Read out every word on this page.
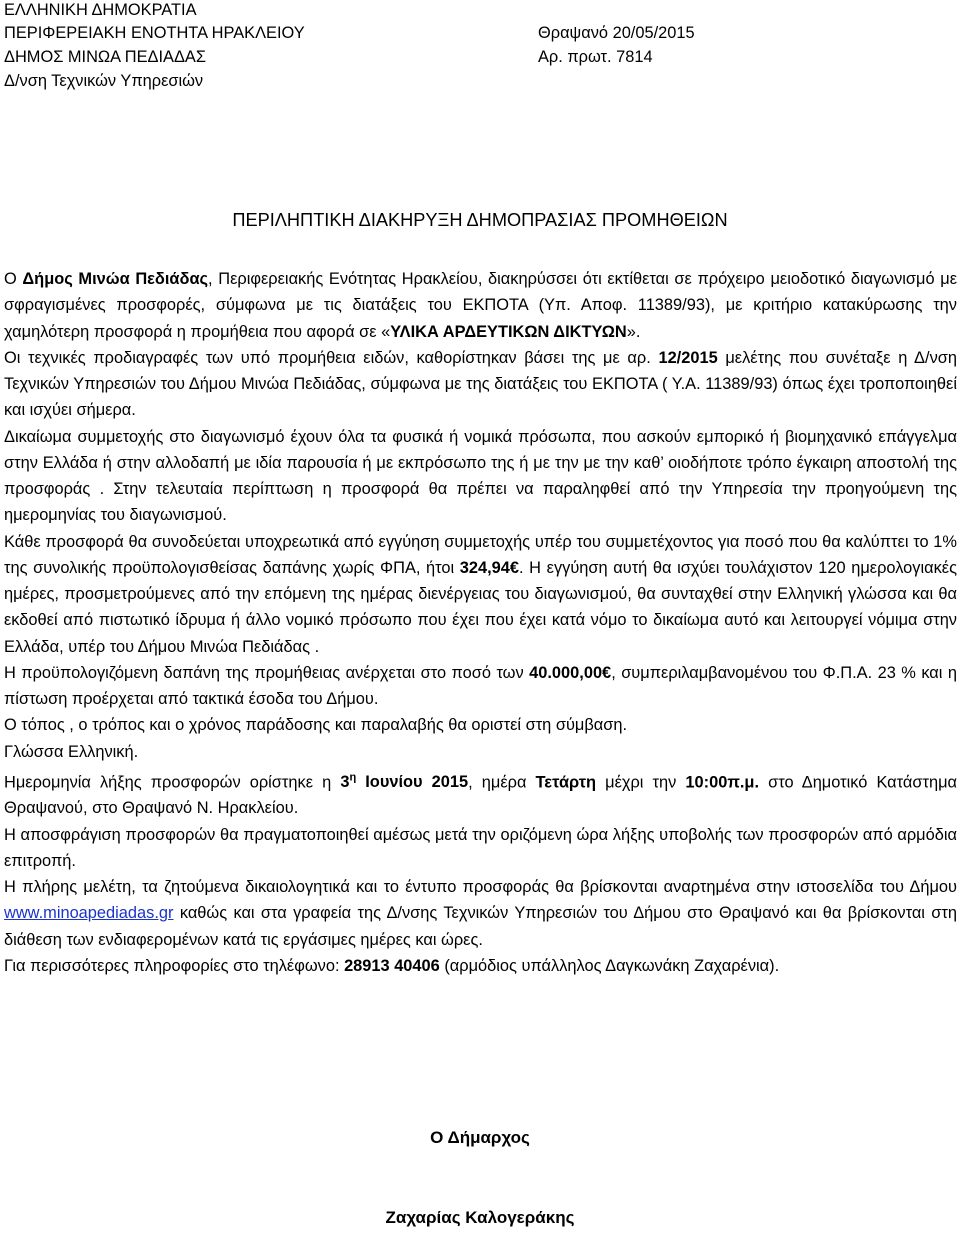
ΕΛΛΗΝΙΚΗ ΔΗΜΟΚΡΑΤΙΑ
ΠΕΡΙΦΕΡΕΙΑΚΗ ΕΝΟΤΗΤΑ ΗΡΑΚΛΕΙΟΥ
ΔΗΜΟΣ ΜΙΝΩΑ ΠΕΔΙΑΔΑΣ
Δ/νση Τεχνικών Υπηρεσιών
Θραψανό 20/05/2015
Αρ. πρωτ. 7814
ΠΕΡΙΛΗΠΤΙΚΗ ΔΙΑΚΗΡΥΞΗ ΔΗΜΟΠΡΑΣΙΑΣ ΠΡΟΜΗΘΕΙΩΝ

Ο Δήμος Μινώα Πεδιάδας, Περιφερειακής Ενότητας Ηρακλείου, διακηρύσσει ότι εκτίθεται σε πρόχειρο μειοδοτικό διαγωνισμό με σφραγισμένες προσφορές, σύμφωνα με τις διατάξεις του ΕΚΠΟΤΑ (Υπ. Αποφ. 11389/93), με κριτήριο κατακύρωσης την χαμηλότερη προσφορά η προμήθεια που αφορά σε «ΥΛΙΚΑ ΑΡΔΕΥΤΙΚΩΝ ΔΙΚΤΥΩΝ».

Οι τεχνικές προδιαγραφές των υπό προμήθεια ειδών, καθορίστηκαν βάσει της με αρ. 12/2015 μελέτης που συνέταξε η Δ/νση Τεχνικών Υπηρεσιών του Δήμου Μινώα Πεδιάδας, σύμφωνα με της διατάξεις του ΕΚΠΟΤΑ ( Υ.Α. 11389/93) όπως έχει τροποποιηθεί και ισχύει σήμερα.

Δικαίωμα συμμετοχής στο διαγωνισμό έχουν όλα τα φυσικά ή νομικά πρόσωπα, που ασκούν εμπορικό ή βιομηχανικό επάγγελμα στην Ελλάδα ή στην αλλοδαπή με ιδία παρουσία ή με εκπρόσωπο της ή με την με την καθ’ οιοδήποτε τρόπο έγκαιρη αποστολή της προσφοράς . Στην τελευταία περίπτωση η προσφορά θα πρέπει να παραληφθεί από την Υπηρεσία την προηγούμενη της ημερομηνίας του διαγωνισμού.

Κάθε προσφορά θα συνοδεύεται υποχρεωτικά από εγγύηση συμμετοχής υπέρ του συμμετέχοντος για ποσό που θα καλύπτει το 1% της συνολικής προϋπολογισθείσας δαπάνης χωρίς ΦΠΑ, ήτοι 324,94€. Η εγγύηση αυτή θα ισχύει τουλάχιστον 120 ημερολογιακές ημέρες, προσμετρούμενες από την επόμενη της ημέρας διενέργειας του διαγωνισμού, θα συνταχθεί στην Ελληνική γλώσσα και θα εκδοθεί από πιστωτικό ίδρυμα ή άλλο νομικό πρόσωπο που έχει που έχει κατά νόμο το δικαίωμα αυτό και λειτουργεί νόμιμα στην Ελλάδα, υπέρ του Δήμου Μινώα Πεδιάδας .

Η προϋπολογιζόμενη δαπάνη της προμήθειας ανέρχεται στο ποσό των 40.000,00€, συμπεριλαμβανομένου του Φ.Π.Α. 23 % και η πίστωση προέρχεται από τακτικά έσοδα του Δήμου.

Ο τόπος , ο τρόπος και ο χρόνος παράδοσης και παραλαβής θα οριστεί στη σύμβαση.

Γλώσσα Ελληνική.

Ημερομηνία λήξης προσφορών ορίστηκε η $3^\eta$ Ιουνίου 2015, ημέρα Τετάρτη μέχρι την 10:00π.μ. στο Δημοτικό Κατάστημα Θραψανού, στο Θραψανό Ν. Ηρακλείου.

Η αποσφράγιση προσφορών θα πραγματοποιηθεί αμέσως μετά την οριζόμενη ώρα λήξης υποβολής των προσφορών από αρμόδια επιτροπή.

Η πλήρης μελέτη, τα ζητούμενα δικαιολογητικά και το έντυπο προσφοράς θα βρίσκονται αναρτημένα στην ιστοσελίδα του Δήμου www.minoapediadas.gr καθώς και στα γραφεία της Δ/νσης Τεχνικών Υπηρεσιών του Δήμου στο Θραψανό και θα βρίσκονται στη διάθεση των ενδιαφερομένων κατά τις εργάσιμες ημέρες και ώρες.

Για περισσότερες πληροφορίες στο τηλέφωνο: 28913 40406 (αρμόδιος υπάλληλος Δαγκωνάκη Ζαχαρένια).

Ο Δήμαρχος
Ζαχαρίας Καλογεράκης
